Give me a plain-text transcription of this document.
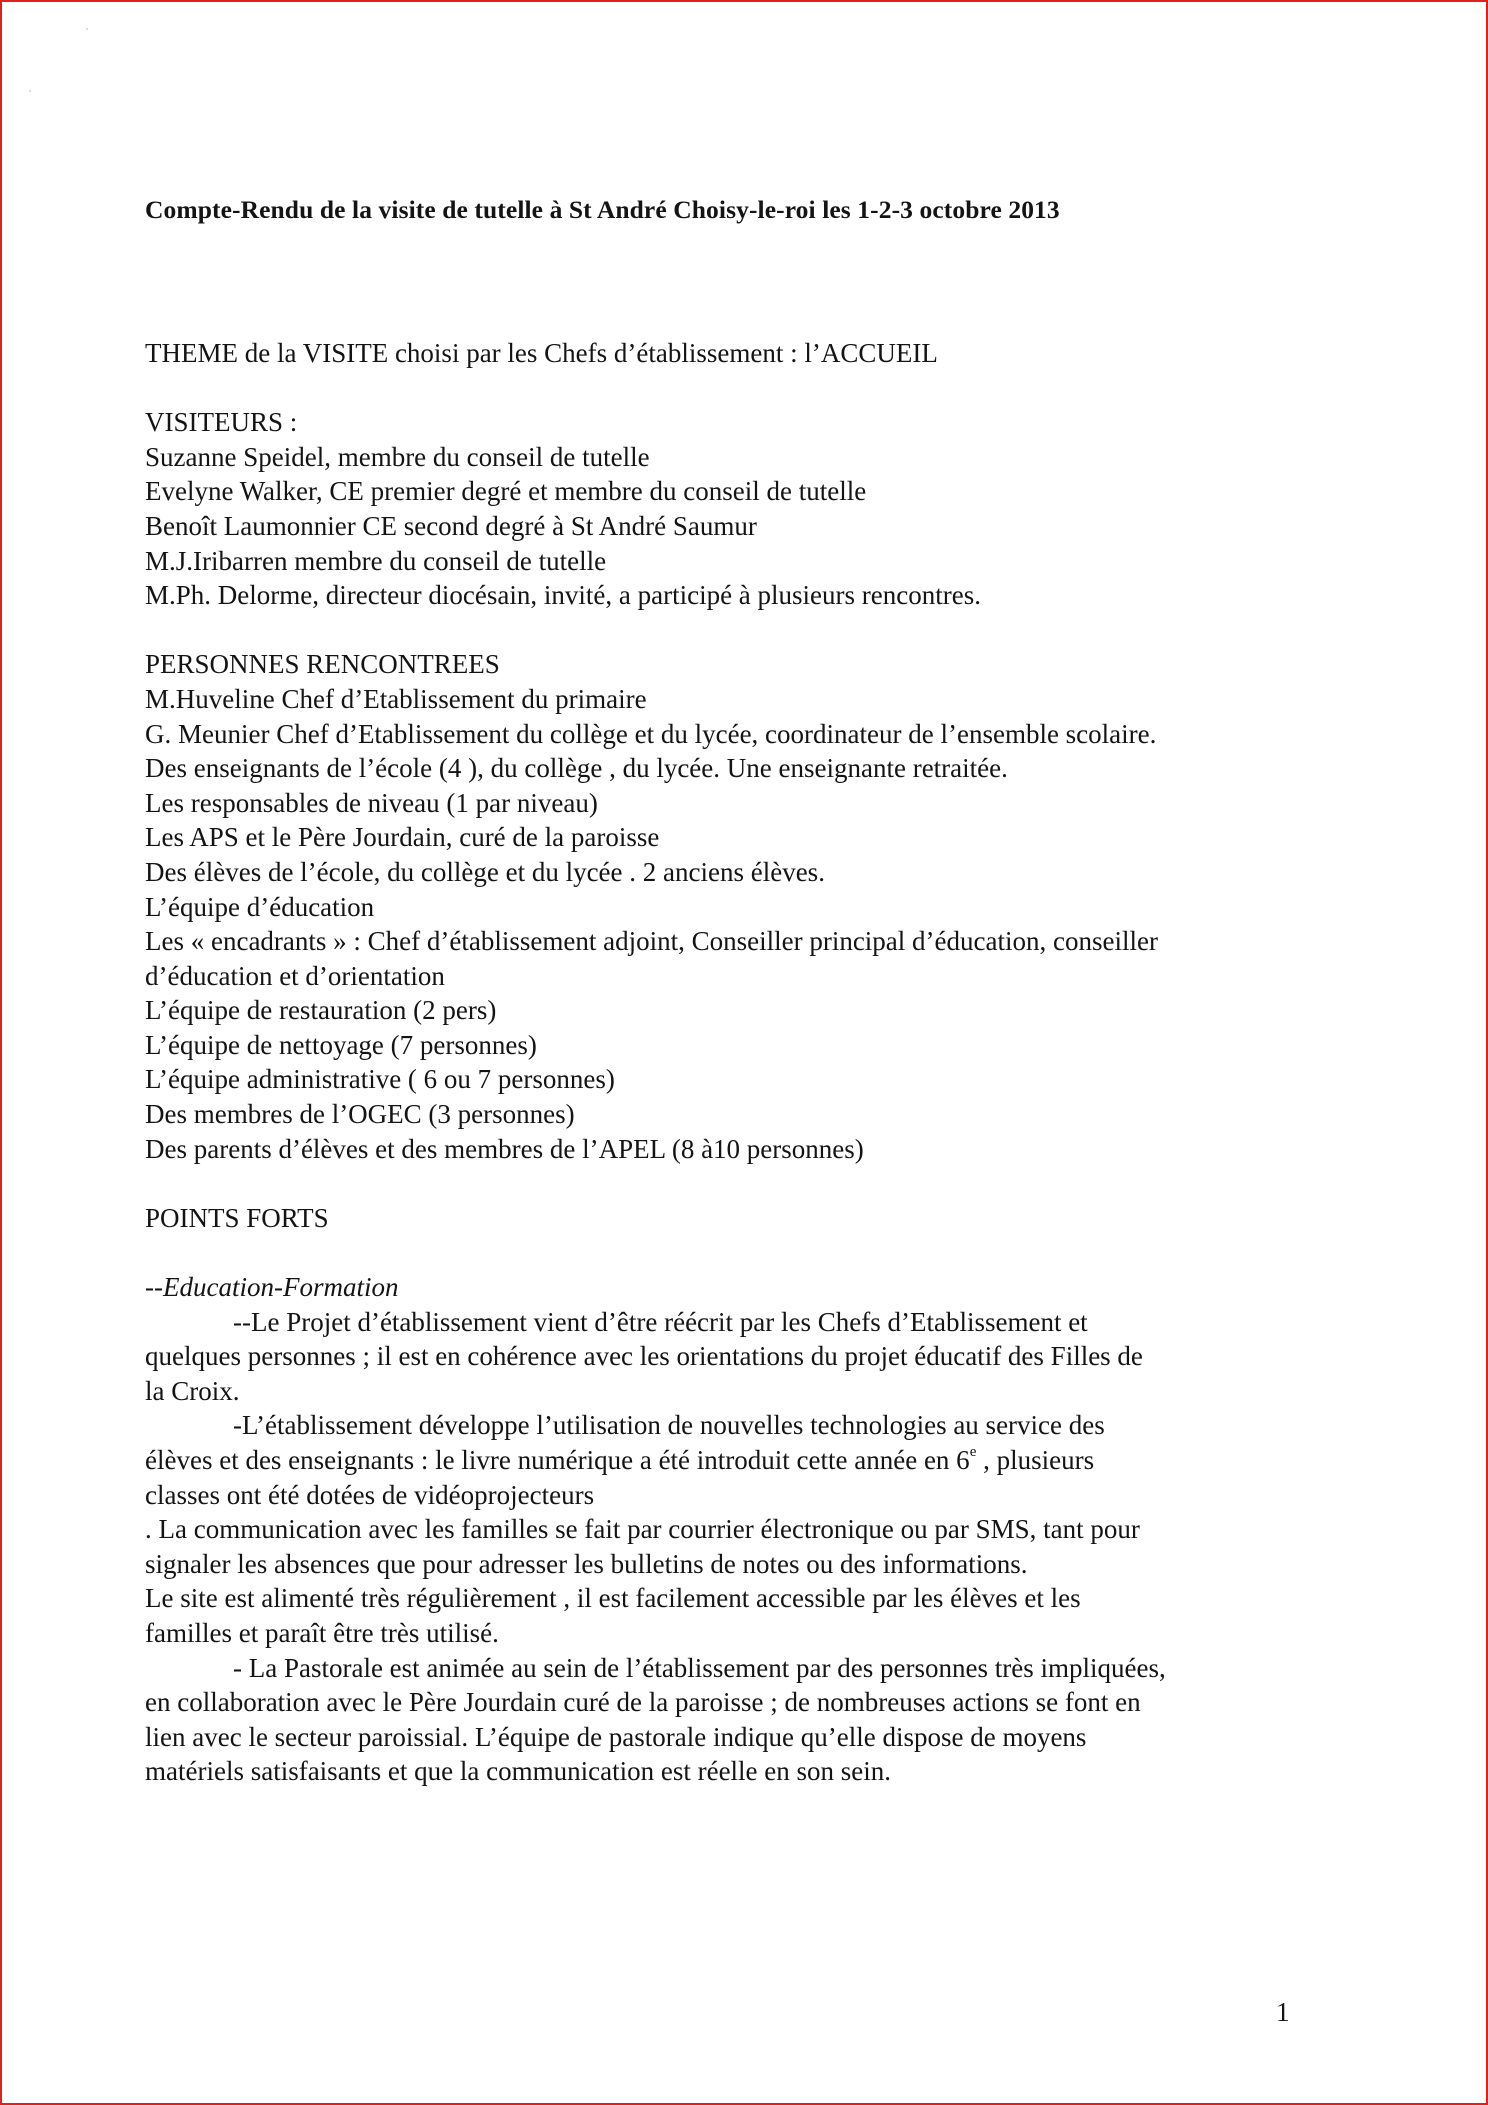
Compte-Rendu de la visite de tutelle à St André Choisy-le-roi les 1-2-3 octobre 2013
THEME de la VISITE choisi par les Chefs d’établissement : l’ACCUEIL
VISITEURS :
Suzanne Speidel, membre du conseil de tutelle
Evelyne Walker, CE premier degré et membre du conseil de tutelle
Benoît Laumonnier CE second degré à St André Saumur
M.J.Iribarren membre du conseil de tutelle
M.Ph. Delorme, directeur diocésain, invité, a participé à plusieurs rencontres.
PERSONNES RENCONTREES
M.Huveline Chef d’Etablissement du primaire
G. Meunier Chef d’Etablissement du collège et du lycée, coordinateur de l’ensemble scolaire.
Des enseignants de l’école (4 ), du collège , du lycée. Une enseignante retraitée.
Les responsables de niveau (1 par niveau)
Les APS et le Père Jourdain, curé de la paroisse
Des élèves de l’école, du collège et du lycée . 2 anciens élèves.
L’équipe d’éducation
Les « encadrants » : Chef d’établissement adjoint, Conseiller principal d’éducation, conseiller
d’éducation et d’orientation
L’équipe de restauration (2 pers)
L’équipe de nettoyage (7 personnes)
L’équipe administrative ( 6 ou 7 personnes)
Des membres de l’OGEC (3 personnes)
Des parents d’élèves et des membres de l’APEL (8 à10 personnes)
POINTS FORTS
--Education-Formation
--Le Projet d’établissement vient d’être réécrit par les Chefs d’Etablissement et
quelques personnes ; il est en cohérence avec les orientations du projet éducatif des Filles de
la Croix.
-L’établissement développe l’utilisation de nouvelles technologies au service des
élèves et des enseignants : le livre numérique a été introduit cette année en 6e , plusieurs
classes ont été dotées de vidéoprojecteurs
. La communication avec les familles se fait par courrier électronique ou par SMS, tant pour
signaler les absences que pour adresser les bulletins de notes ou des informations.
Le site est alimenté très régulièrement , il est facilement accessible par les élèves et les
familles et paraît être très utilisé.
- La Pastorale est animée au sein de l’établissement par des personnes très impliquées,
en collaboration avec le Père Jourdain curé de la paroisse ; de nombreuses actions se font en
lien avec le secteur paroissial. L’équipe de pastorale indique qu’elle dispose de moyens
matériels satisfaisants et que la communication est réelle en son sein.
1
